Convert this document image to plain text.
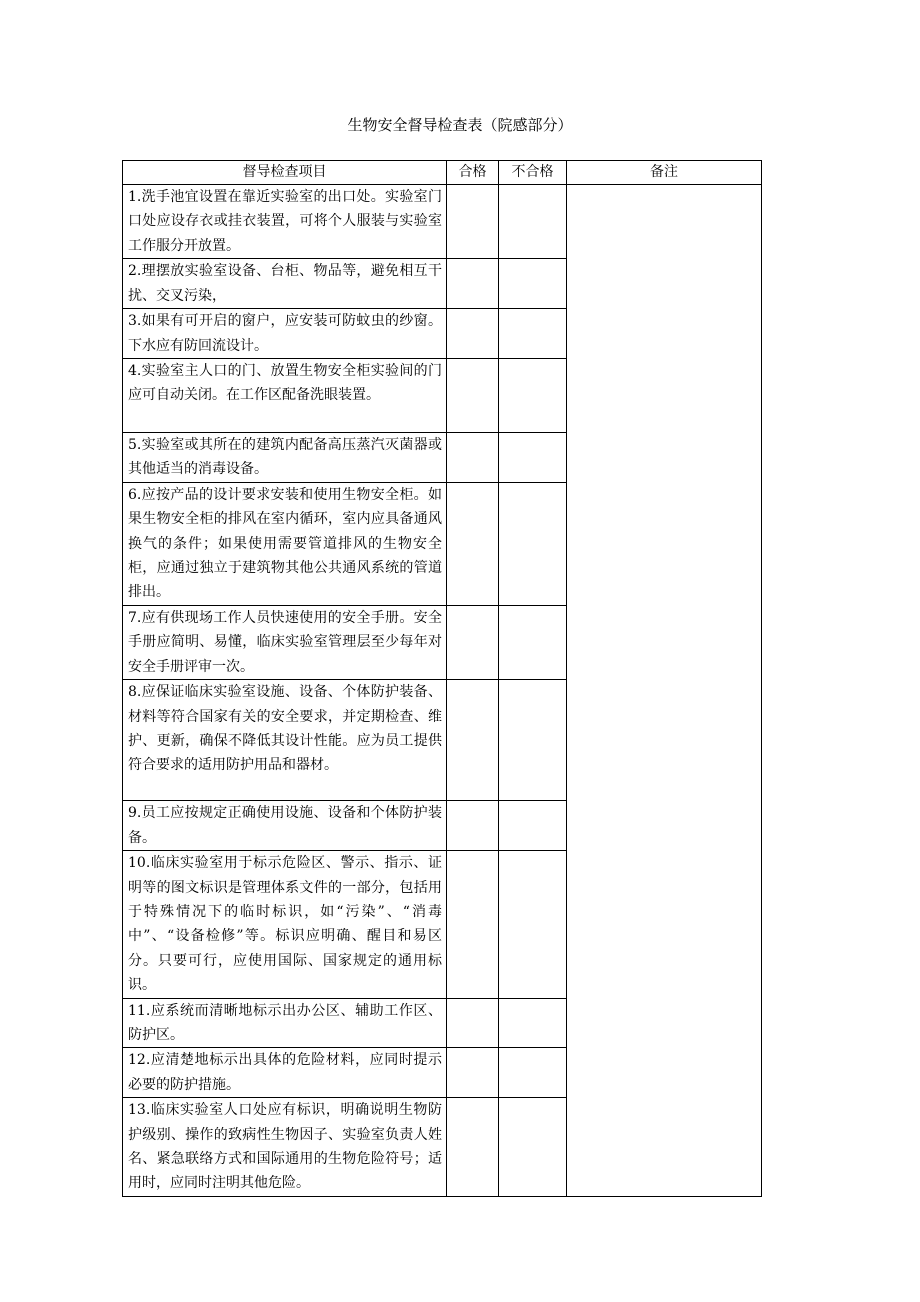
生物安全督导检查表（院感部分）
督导检查项目	合格	不合格	备注
1.洗手池宜设置在靠近实验室的出口处。实验室门口处应设存衣或挂衣装置，可将个人服装与实验室工作服分开放置。			
2.理摆放实验室设备、台柜、物品等，避免相互干扰、交叉污染，			
3.如果有可开启的窗户，应安装可防蚊虫的纱窗。下水应有防回流设计。			
4.实验室主人口的门、放置生物安全柜实验间的门应可自动关闭。在工作区配备洗眼装置。			
5.实验室或其所在的建筑内配备高压蒸汽灭菌器或其他适当的消毒设备。			
6.应按产品的设计要求安装和使用生物安全柜。如果生物安全柜的排风在室内循环，室内应具备通风换气的条件；如果使用需要管道排风的生物安全柜，应通过独立于建筑物其他公共通风系统的管道排出。			
7.应有供现场工作人员快速使用的安全手册。安全手册应简明、易懂，临床实验室管理层至少每年对安全手册评审一次。			
8.应保证临床实验室设施、设备、个体防护装备、材料等符合国家有关的安全要求，并定期检查、维护、更新，确保不降低其设计性能。应为员工提供符合要求的适用防护用品和器材。			
9.员工应按规定正确使用设施、设备和个体防护装备。			
10.临床实验室用于标示危险区、警示、指示、证明等的图文标识是管理体系文件的一部分，包括用于特殊情况下的临时标识，如“污染”、“消毒中”、“设备检修”等。标识应明确、醒目和易区分。只要可行，应使用国际、国家规定的通用标识。			
11.应系统而清晰地标示出办公区、辅助工作区、防护区。			
12.应清楚地标示出具体的危险材料，应同时提示必要的防护措施。			
13.临床实验室人口处应有标识，明确说明生物防护级别、操作的致病性生物因子、实验室负责人姓名、紧急联络方式和国际通用的生物危险符号；适用时，应同时注明其他危险。			
